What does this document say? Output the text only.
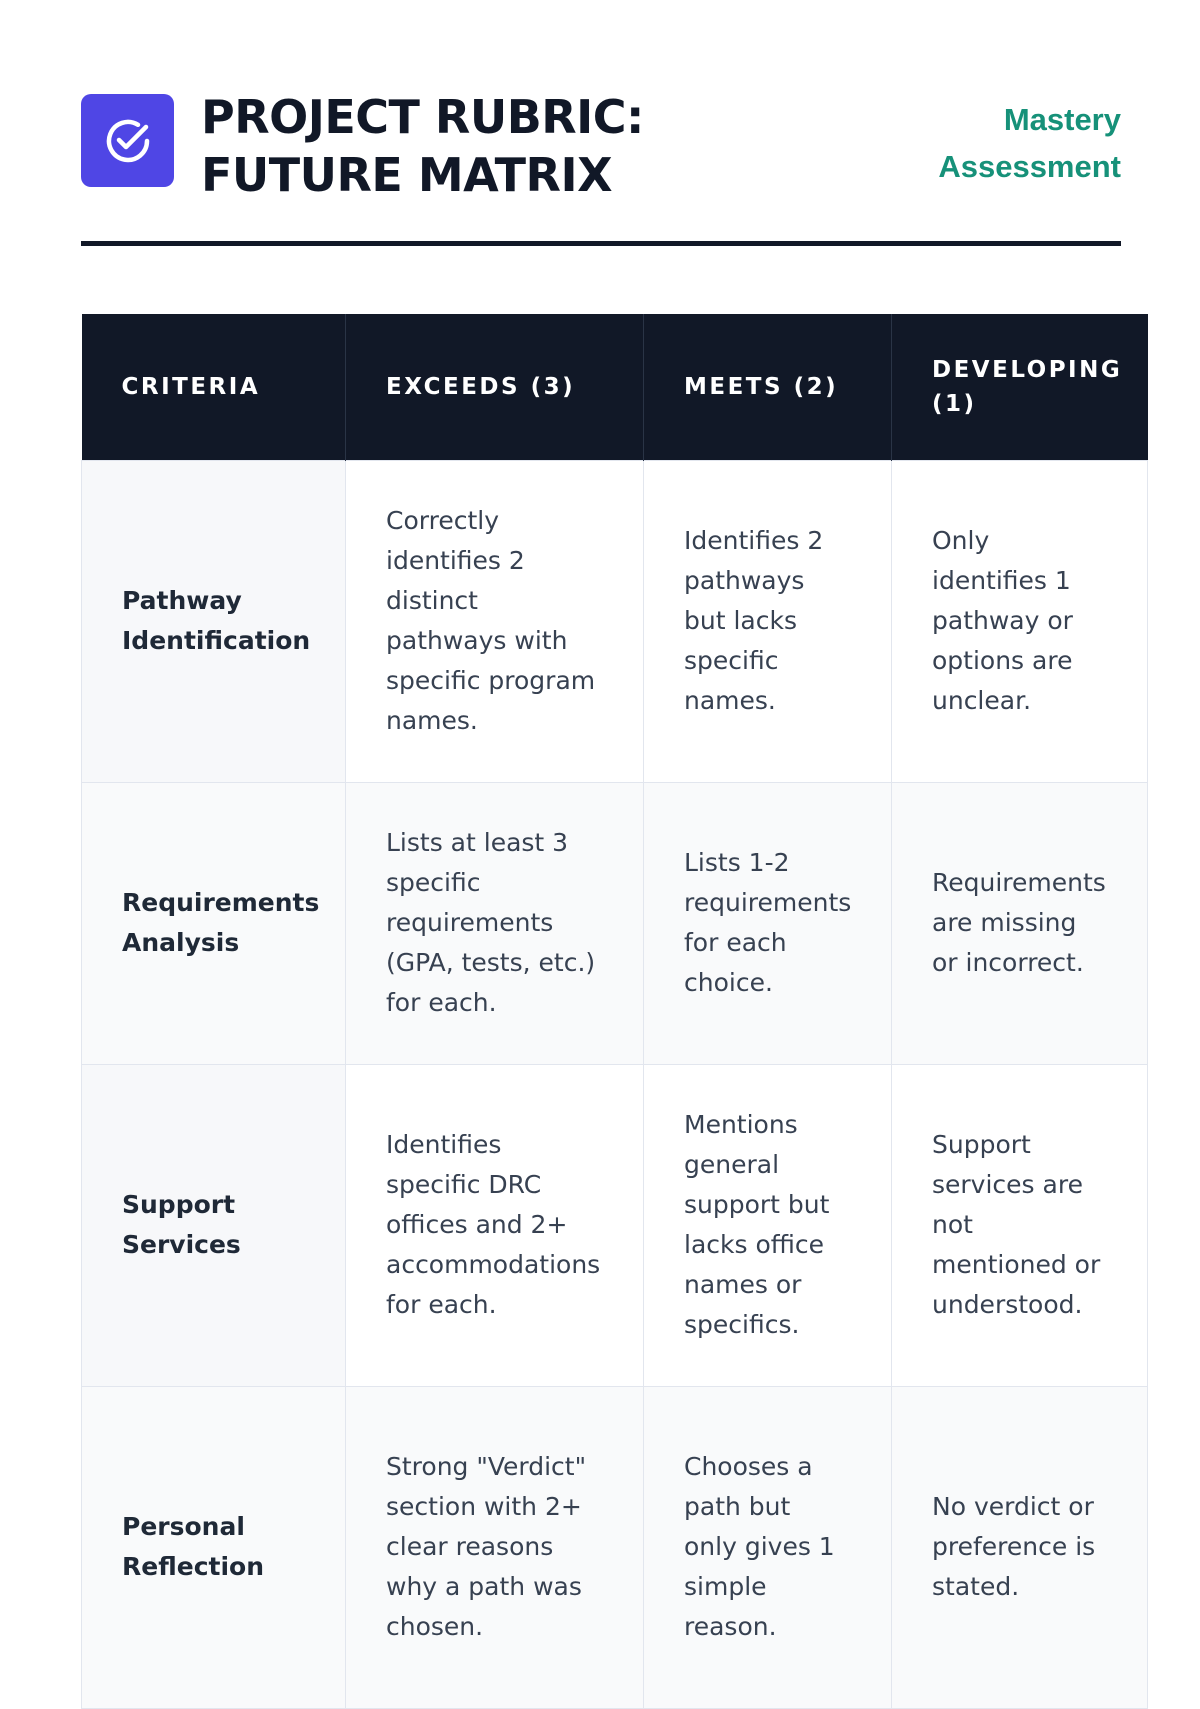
PROJECT RUBRIC:
FUTURE MATRIX
Mastery
Assessment
CRITERIA	EXCEEDS (3)	MEETS (2)	DEVELOPING (1)
Pathway Identification	Correctly identifies 2 distinct pathways with specific program names.	Identifies 2 pathways but lacks specific names.	Only identifies 1 pathway or options are unclear.
Requirements Analysis	Lists at least 3 specific requirements (GPA, tests, etc.) for each.	Lists 1-2 requirements for each choice.	Requirements are missing or incorrect.
Support Services	Identifies specific DRC offices and 2+ accommodations for each.	Mentions general support but lacks office names or specifics.	Support services are not mentioned or understood.
Personal Reflection	Strong "Verdict" section with 2+ clear reasons why a path was chosen.	Chooses a path but only gives 1 simple reason.	No verdict or preference is stated.
